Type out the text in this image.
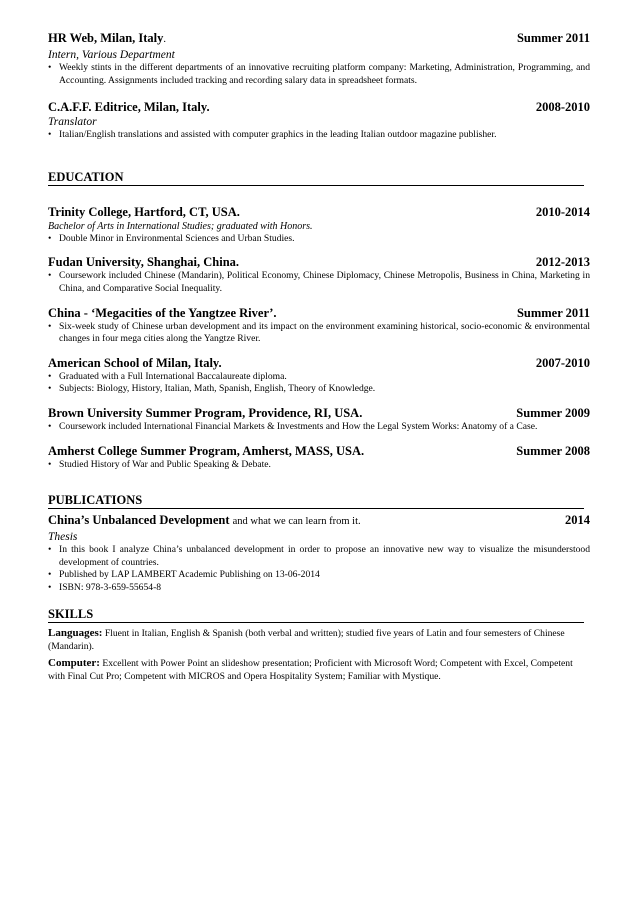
HR Web, Milan, Italy.	Summer 2011
Intern, Various Department
• Weekly stints in the different departments of an innovative recruiting platform company: Marketing, Administration, Programming, and Accounting. Assignments included tracking and recording salary data in spreadsheet formats.
C.A.F.F. Editrice, Milan, Italy.	2008-2010
Translator
• Italian/English translations and assisted with computer graphics in the leading Italian outdoor magazine publisher.
EDUCATION
Trinity College, Hartford, CT, USA.	2010-2014
Bachelor of Arts in International Studies; graduated with Honors.
• Double Minor in Environmental Sciences and Urban Studies.
Fudan University, Shanghai, China.	2012-2013
• Coursework included Chinese (Mandarin), Political Economy, Chinese Diplomacy, Chinese Metropolis, Business in China, Marketing in China, and Comparative Social Inequality.
China - ‘Megacities of the Yangtzee River’.	Summer 2011
• Six-week study of Chinese urban development and its impact on the environment examining historical, socio-economic & environmental changes in four mega cities along the Yangtze River.
American School of Milan, Italy.	2007-2010
• Graduated with a Full International Baccalaureate diploma.
• Subjects: Biology, History, Italian, Math, Spanish, English, Theory of Knowledge.
Brown University Summer Program, Providence, RI, USA.	Summer 2009
• Coursework included International Financial Markets & Investments and How the Legal System Works: Anatomy of a Case.
Amherst College Summer Program, Amherst, MASS, USA.	Summer 2008
• Studied History of War and Public Speaking & Debate.
PUBLICATIONS
China’s Unbalanced Development and what we can learn from it.	2014
Thesis
• In this book I analyze China’s unbalanced development in order to propose an innovative new way to visualize the misunderstood development of countries.
• Published by LAP LAMBERT Academic Publishing on 13-06-2014
• ISBN: 978-3-659-55654-8
SKILLS
Languages: Fluent in Italian, English & Spanish (both verbal and written); studied five years of Latin and four semesters of Chinese (Mandarin).
Computer: Excellent with Power Point an slideshow presentation; Proficient with Microsoft Word; Competent with Excel, Competent with Final Cut Pro; Competent with MICROS and Opera Hospitality System; Familiar with Mystique.
